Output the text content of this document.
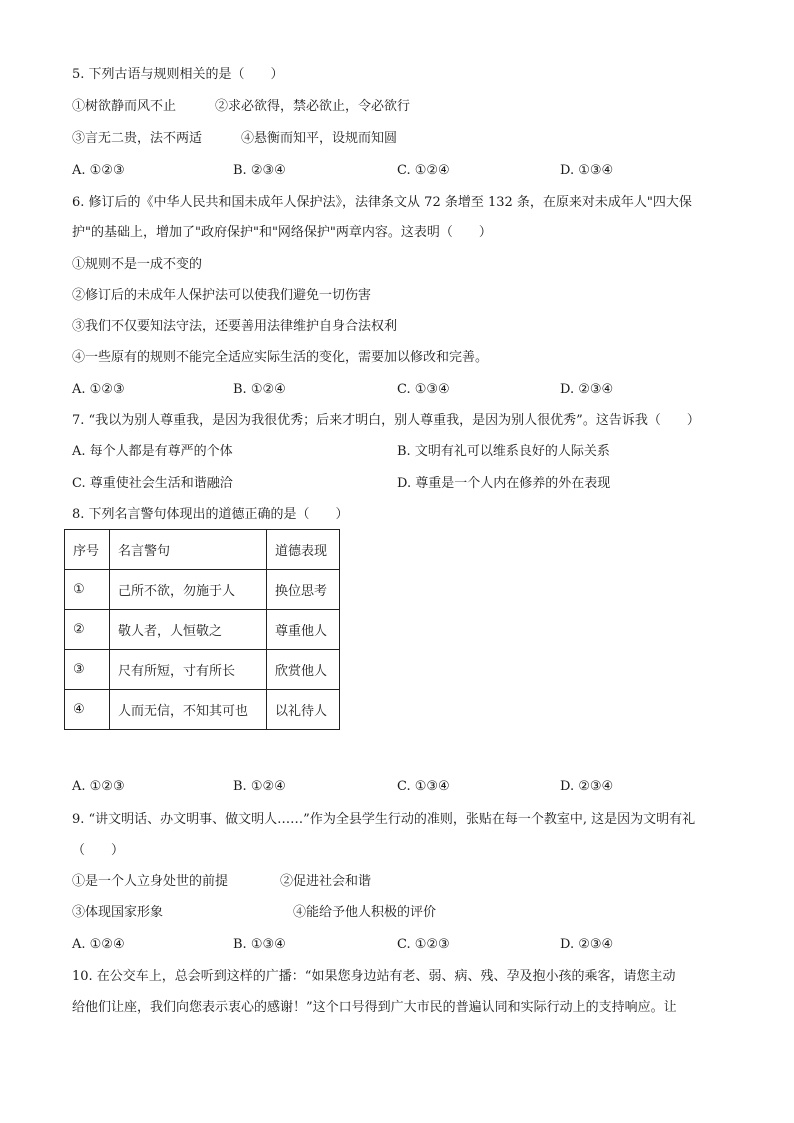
5. 下列古语与规则相关的是（　　）
①树欲静而风不止　　　②求必欲得，禁必欲止，令必欲行
③言无二贵，法不两适　　　④悬衡而知平，设规而知圆
A. ①②③	B. ②③④	C. ①②④	D. ①③④
6. 修订后的《中华人民共和国未成年人保护法》，法律条文从 72 条增至 132 条，在原来对未成年人"四大保
护"的基础上，增加了"政府保护"和"网络保护"两章内容。这表明（　　）
①规则不是一成不变的
②修订后的未成年人保护法可以使我们避免一切伤害
③我们不仅要知法守法，还要善用法律维护自身合法权利
④一些原有的规则不能完全适应实际生活的变化，需要加以修改和完善。
A. ①②③	B. ①②④	C. ①③④	D. ②③④
7. “我以为别人尊重我，是因为我很优秀；后来才明白，别人尊重我，是因为别人很优秀”。这告诉我（　　）
A. 每个人都是有尊严的个体	B. 文明有礼可以维系良好的人际关系
C. 尊重使社会生活和谐融洽	D. 尊重是一个人内在修养的外在表现
8. 下列名言警句体现出的道德正确的是（　　）
序号	名言警句	道德表现
①	己所不欲，勿施于人	换位思考
②	敬人者，人恒敬之	尊重他人
③	尺有所短，寸有所长	欣赏他人
④	人而无信，不知其可也	以礼待人
A. ①②③	B. ①②④	C. ①③④	D. ②③④
9. “讲文明话、办文明事、做文明人……”作为全县学生行动的准则，张贴在每一个教室中, 这是因为文明有礼
（　　）
①是一个人立身处世的前提　　　　②促进社会和谐
③体现国家形象　　　　　　　　　　④能给予他人积极的评价
A. ①②④	B. ①③④	C. ①②③	D. ②③④
10. 在公交车上，总会听到这样的广播：“如果您身边站有老、弱、病、残、孕及抱小孩的乘客，请您主动
给他们让座，我们向您表示衷心的感谢！”这个口号得到广大市民的普遍认同和实际行动上的支持响应。让
